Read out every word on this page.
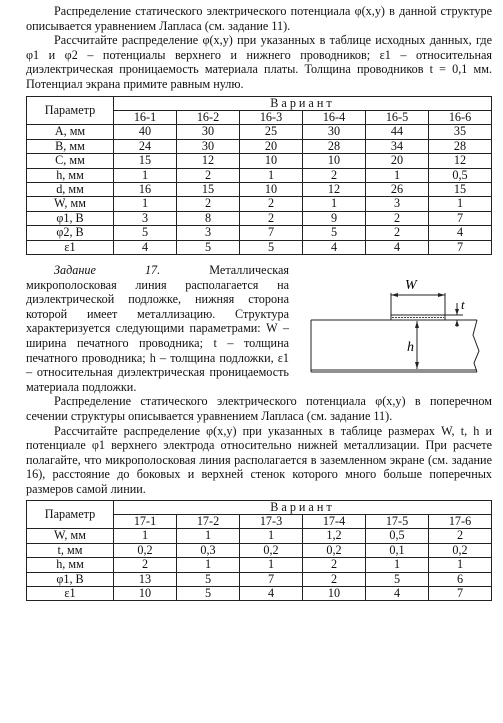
Распределение статического электрического потенциала φ(x,y) в данной структуре описывается уравнением Лапласа (см. задание 11).

Рассчитайте распределение φ(x,y) при указанных в таблице исходных данных, где φ1 и φ2 – потенциалы верхнего и нижнего проводников; ε1 – относительная диэлектрическая проницаемость материала платы. Толщина проводников t = 0,1 мм. Потенциал экрана примите равным нулю.

Параметр	Вариант					
	16-1	16-2	16-3	16-4	16-5	16-6
A, мм	40	30	25	30	44	35
B, мм	24	30	20	28	34	28
C, мм	15	12	10	10	20	12
h, мм	1	2	1	2	1	0,5
d, мм	16	15	10	12	26	15
W, мм	1	2	2	1	3	1
φ1, В	3	8	2	9	2	7
φ2, В	5	3	7	5	2	4
ε1	4	5	5	4	4	7
W
t
h

Задание 17.	Металлическая микрополосковая линия располагается на диэлектрической подложке, нижняя сторона которой имеет металлизацию. Структура характеризуется следующими параметрами: W – ширина печатного проводника; t – толщина печатного проводника; h – толщина подложки, ε1 – относительная диэлектрическая проницаемость материала подложки.

Распределение статического электрического потенциала φ(x,y) в поперечном сечении структуры описывается уравнением Лапласа (см. задание 11).

Рассчитайте распределение φ(x,y) при указанных в таблице размерах W, t, h и потенциале φ1 верхнего электрода относительно нижней металлизации. При расчете полагайте, что микрополосковая линия располагается в заземленном экране (см. задание 16), расстояние до боковых и верхней стенок которого много больше поперечных размеров самой линии.

Параметр	Вариант					
	17-1	17-2	17-3	17-4	17-5	17-6
W, мм	1	1	1	1,2	0,5	2
t, мм	0,2	0,3	0,2	0,2	0,1	0,2
h, мм	2	1	1	2	1	1
φ1, В	13	5	7	2	5	6
ε1	10	5	4	10	4	7
